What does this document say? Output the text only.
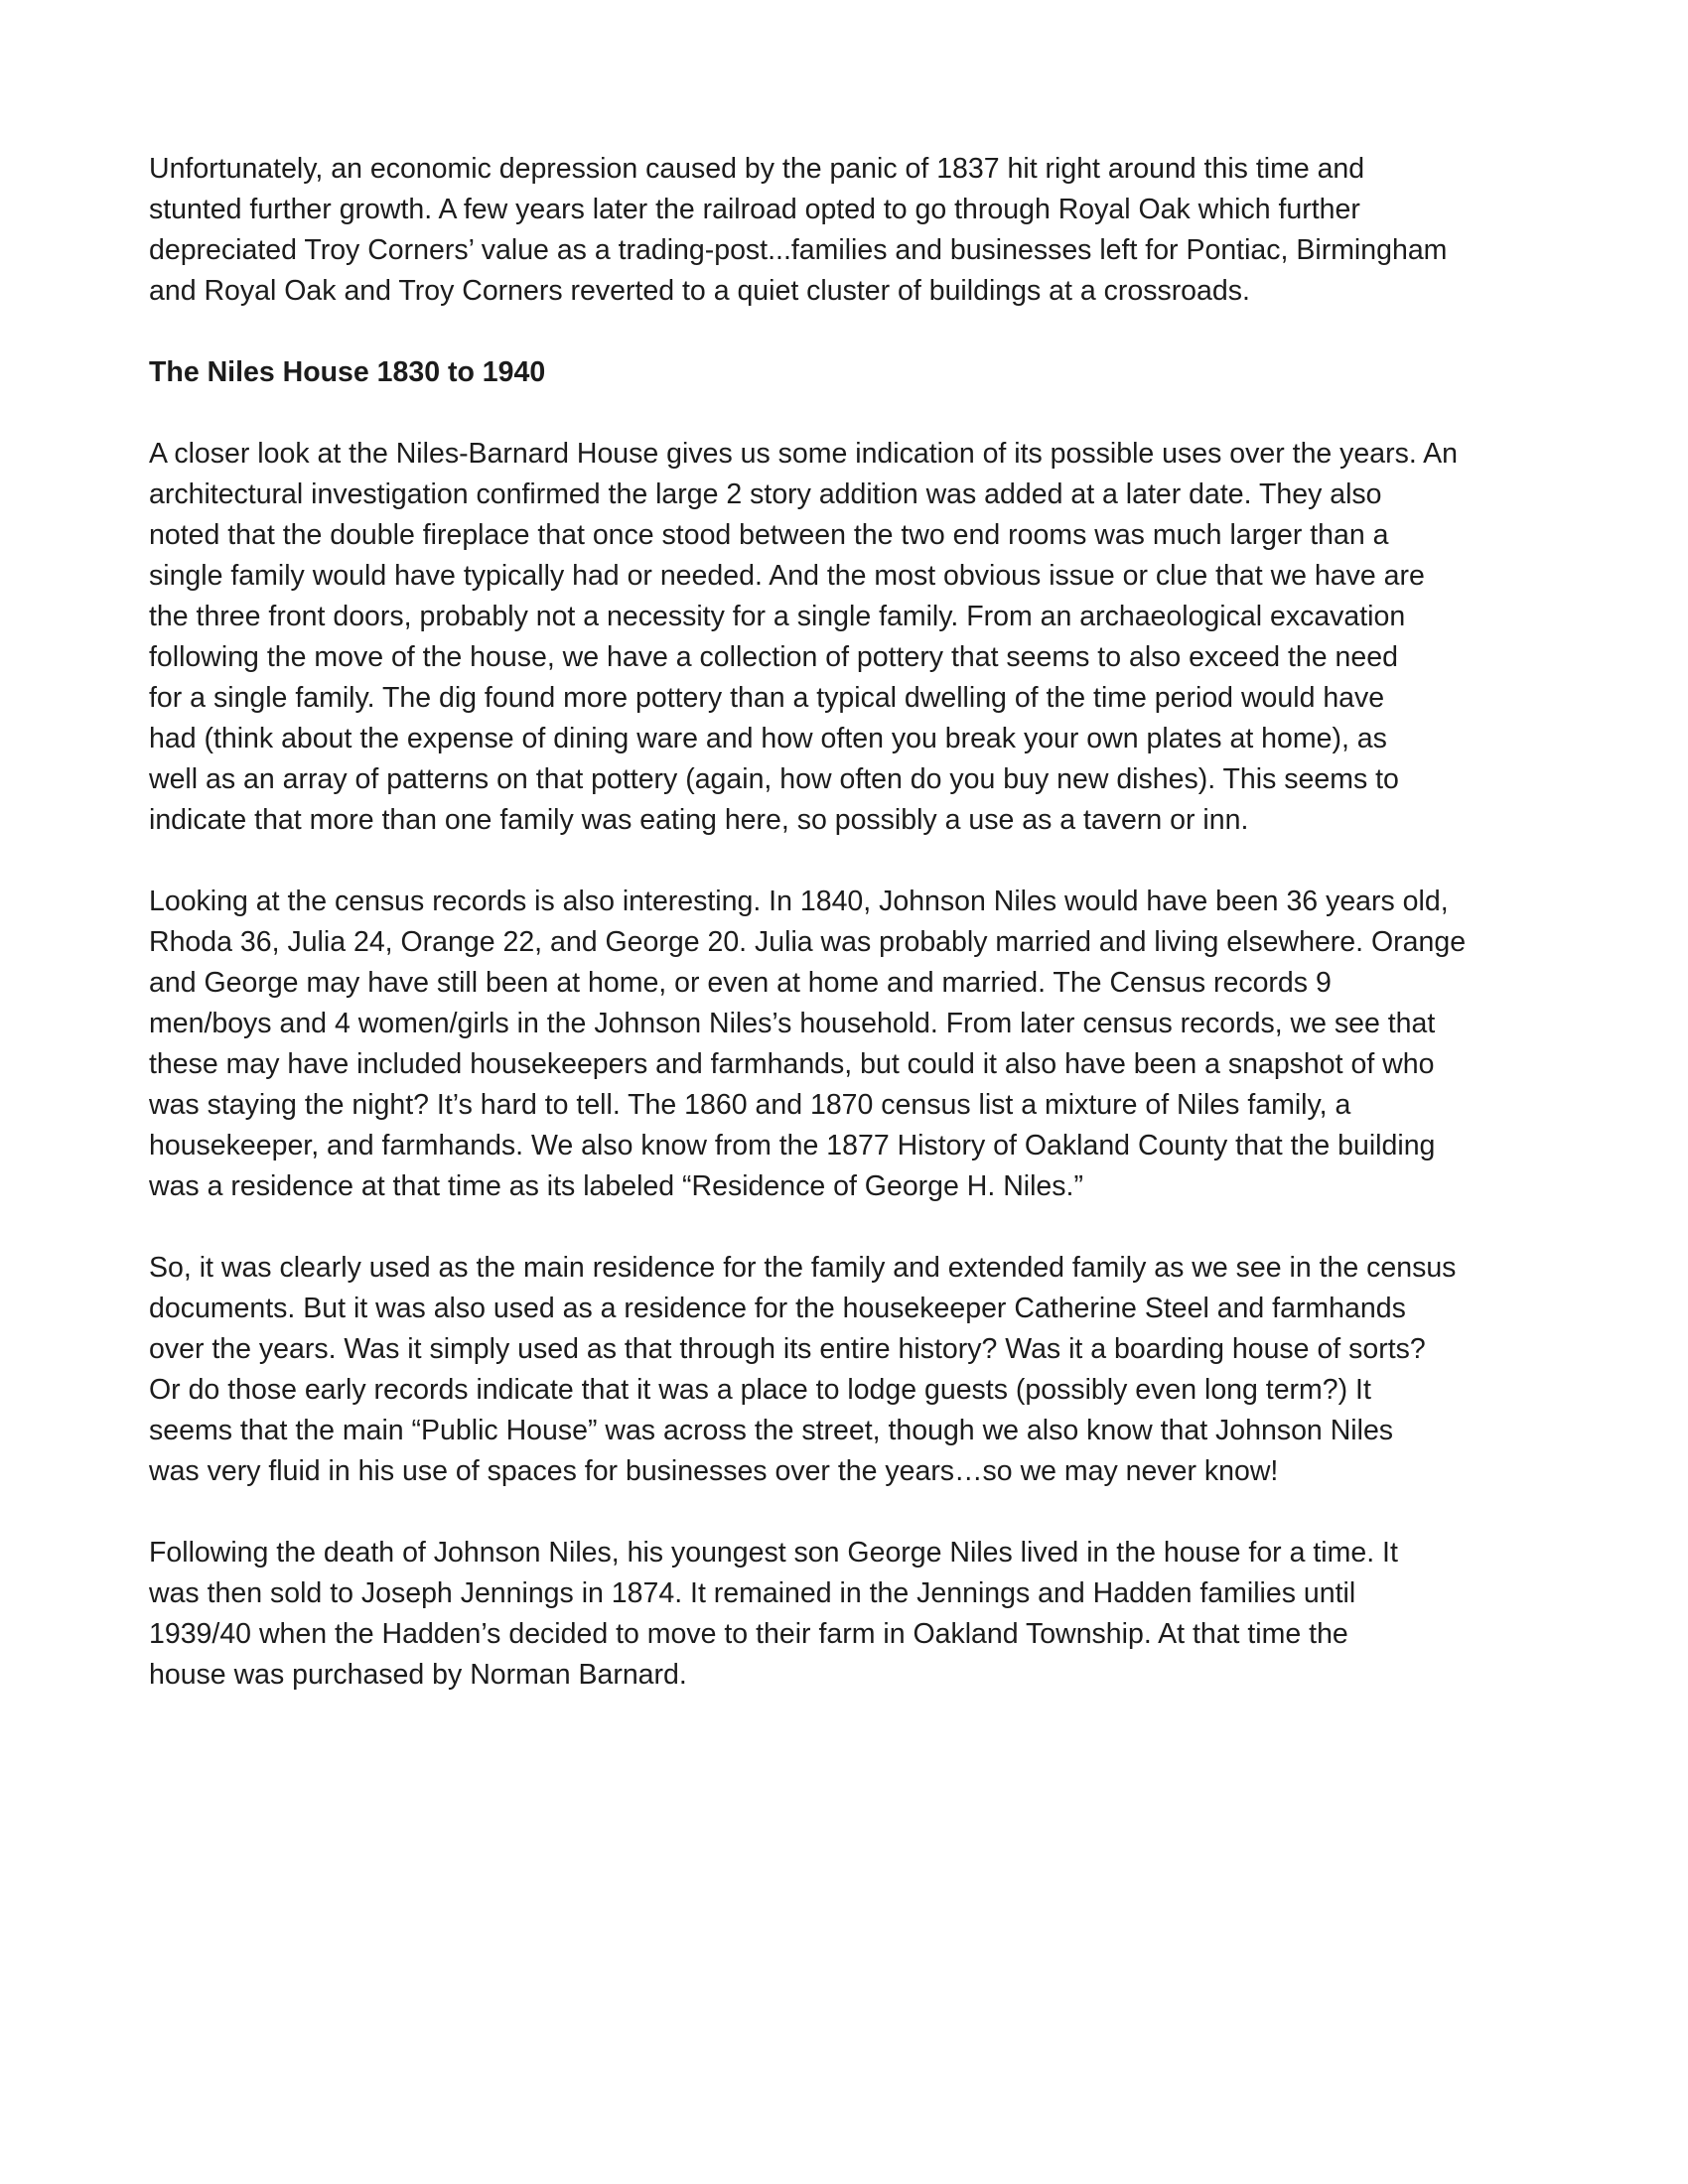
Unfortunately, an economic depression caused by the panic of 1837 hit right around this time and
stunted further growth. A few years later the railroad opted to go through Royal Oak which further
depreciated Troy Corners’ value as a trading-post...families and businesses left for Pontiac, Birmingham
and Royal Oak and Troy Corners reverted to a quiet cluster of buildings at a crossroads.
The Niles House 1830 to 1940
A closer look at the Niles-Barnard House gives us some indication of its possible uses over the years. An
architectural investigation confirmed the large 2 story addition was added at a later date. They also
noted that the double fireplace that once stood between the two end rooms was much larger than a
single family would have typically had or needed. And the most obvious issue or clue that we have are
the three front doors, probably not a necessity for a single family. From an archaeological excavation
following the move of the house, we have a collection of pottery that seems to also exceed the need
for a single family. The dig found more pottery than a typical dwelling of the time period would have
had (think about the expense of dining ware and how often you break your own plates at home), as
well as an array of patterns on that pottery (again, how often do you buy new dishes). This seems to
indicate that more than one family was eating here, so possibly a use as a tavern or inn.
Looking at the census records is also interesting. In 1840, Johnson Niles would have been 36 years old,
Rhoda 36, Julia 24, Orange 22, and George 20. Julia was probably married and living elsewhere. Orange
and George may have still been at home, or even at home and married. The Census records 9
men/boys and 4 women/girls in the Johnson Niles’s household. From later census records, we see that
these may have included housekeepers and farmhands, but could it also have been a snapshot of who
was staying the night? It’s hard to tell. The 1860 and 1870 census list a mixture of Niles family, a
housekeeper, and farmhands. We also know from the 1877 History of Oakland County that the building
was a residence at that time as its labeled “Residence of George H. Niles.”
So, it was clearly used as the main residence for the family and extended family as we see in the census
documents. But it was also used as a residence for the housekeeper Catherine Steel and farmhands
over the years. Was it simply used as that through its entire history? Was it a boarding house of sorts?
Or do those early records indicate that it was a place to lodge guests (possibly even long term?) It
seems that the main “Public House” was across the street, though we also know that Johnson Niles
was very fluid in his use of spaces for businesses over the years…so we may never know!
Following the death of Johnson Niles, his youngest son George Niles lived in the house for a time. It
was then sold to Joseph Jennings in 1874. It remained in the Jennings and Hadden families until
1939/40 when the Hadden’s decided to move to their farm in Oakland Township. At that time the
house was purchased by Norman Barnard.
